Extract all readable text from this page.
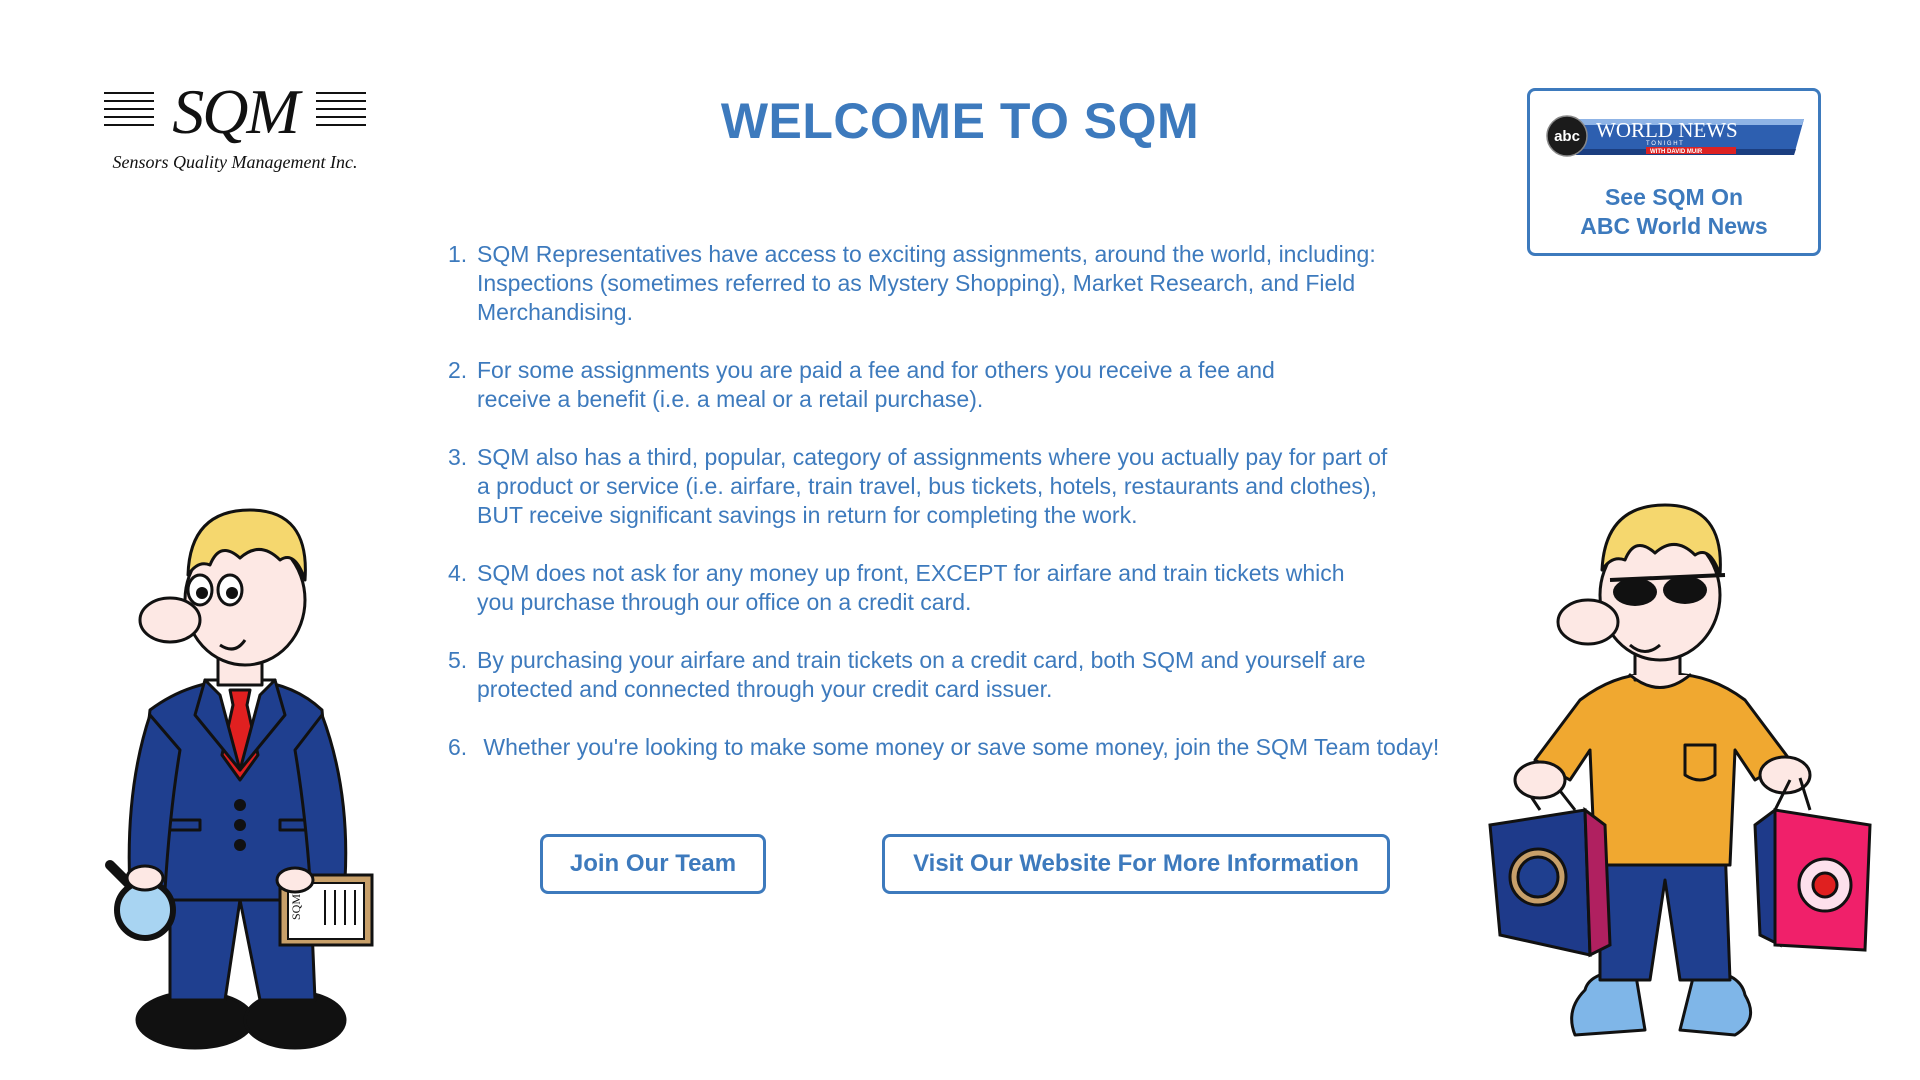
SQM
Sensors Quality Management Inc.
WELCOME TO SQM	abc WORLD NEWS
T O N I G H T
WITH DAVID MUIR
See SQM On
ABC World News
1. SQM Representatives have access to exciting assignments, around the world, including:
Inspections (sometimes referred to as Mystery Shopping), Market Research, and Field
Merchandising.
2. For some assignments you are paid a fee and for others you receive a fee and
receive a benefit (i.e. a meal or a retail purchase).
3. SQM also has a third, popular, category of assignments where you actually pay for part of
a product or service (i.e. airfare, train travel, bus tickets, hotels, restaurants and clothes),
BUT receive significant savings in return for completing the work.
4. SQM does not ask for any money up front, EXCEPT for airfare and train tickets which
you purchase through our office on a credit card.
5. By purchasing your airfare and train tickets on a credit card, both SQM and yourself are
protected and connected through your credit card issuer.
6. Whether you're looking to make some money or save some money, join the SQM Team today!
Join Our Team	Visit Our Website For More Information
SQM
